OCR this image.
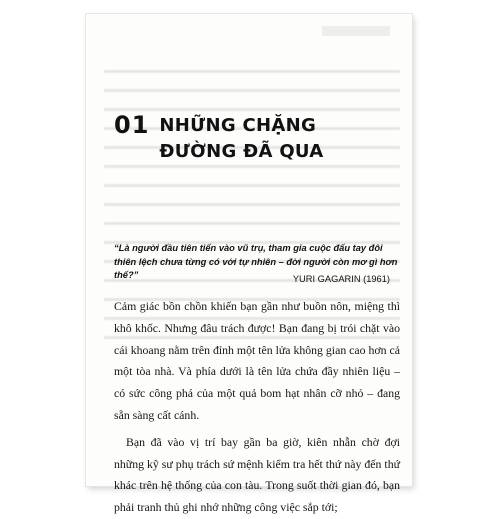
01 NHỮNG CHẶNG
ĐƯỜNG ĐÃ QUA
“Là người đầu tiên tiến vào vũ trụ, tham gia cuộc đấu tay đôi thiên lệch chưa từng có với tự nhiên – đời người còn mơ gì hơn thế?”	YURI GAGARIN (1961)

Cảm giác bồn chồn khiến bạn gần như buồn nôn, miệng thì khô khốc. Nhưng đâu trách được! Bạn đang bị trói chặt vào cái khoang nằm trên đỉnh một tên lửa không gian cao hơn cả một tòa nhà. Và phía dưới là tên lửa chứa đầy nhiên liệu – có sức công phá của một quả bom hạt nhân cỡ nhỏ – đang sẵn sàng cất cánh.

Bạn đã vào vị trí bay gần ba giờ, kiên nhẫn chờ đợi những kỹ sư phụ trách sứ mệnh kiểm tra hết thứ này đến thứ khác trên hệ thống của con tàu. Trong suốt thời gian đó, bạn phải tranh thủ ghi nhớ những công việc sắp tới;
